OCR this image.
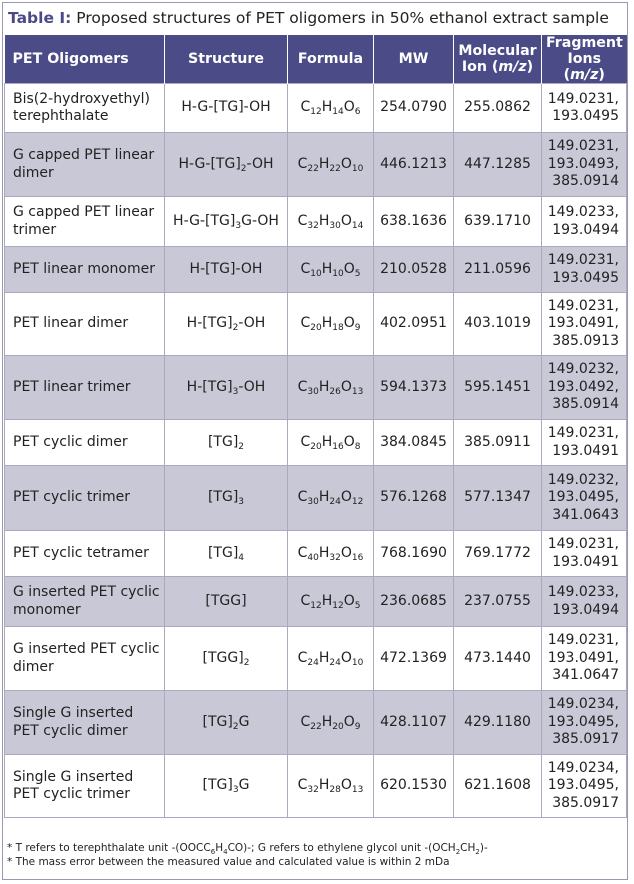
Table I: Proposed structures of PET oligomers in 50% ethanol extract sample
PET Oligomers	Structure	Formula	MW	Molecular Ion (m/z)	Fragment Ions (m/z)
Bis(2-hydroxyethyl) terephthalate	H-G-[TG]-OH	$C_{12}H_{14}O_6$	254.0790	255.0862	149.0231,
193.0495

G capped PET linear dimer	$H-G-[TG]_2-OH$	$C_{22}H_{22}O_{10}$	446.1213	447.1285	149.0231,
193.0493,
385.0914

G capped PET linear trimer	$H-G-[TG]_3G-OH$	$C_{32}H_{30}O_{14}$	638.1636	639.1710	149.0233,
193.0494

PET linear monomer	H-[TG]-OH	$C_{10}H_{10}O_5$	210.0528	211.0596	149.0231,
193.0495

PET linear dimer	$H-[TG]_2-OH$	$C_{20}H_{18}O_9$	402.0951	403.1019	149.0231,
193.0491,
385.0913

PET linear trimer	$H-[TG]_3-OH$	$C_{30}H_{26}O_{13}$	594.1373	595.1451	149.0232,
193.0492,
385.0914

PET cyclic dimer	$[TG]_2$	$C_{20}H_{16}O_8$	384.0845	385.0911	149.0231,
193.0491

PET cyclic trimer	$[TG]_3$	$C_{30}H_{24}O_{12}$	576.1268	577.1347	149.0232,
193.0495,
341.0643

PET cyclic tetramer	$[TG]_4$	$C_{40}H_{32}O_{16}$	768.1690	769.1772	149.0231,
193.0491

G inserted PET cyclic monomer	[TGG]	$C_{12}H_{12}O_5$	236.0685	237.0755	149.0233,
193.0494

G inserted PET cyclic dimer	$[TGG]_2$	$C_{24}H_{24}O_{10}$	472.1369	473.1440	149.0231,
193.0491,
341.0647

Single G inserted PET cyclic dimer	$[TG]_2G$	$C_{22}H_{20}O_9$	428.1107	429.1180	149.0234,
193.0495,
385.0917

Single G inserted PET cyclic trimer	$[TG]_3G$	$C_{32}H_{28}O_{13}$	620.1530	621.1608	149.0234,
193.0495,
385.0917
* T refers to terephthalate unit $-(OOCC_6H_4CO)-$; G refers to ethylene glycol unit $-(OCH_2CH_2)-$
* The mass error between the measured value and calculated value is within 2 mDa
